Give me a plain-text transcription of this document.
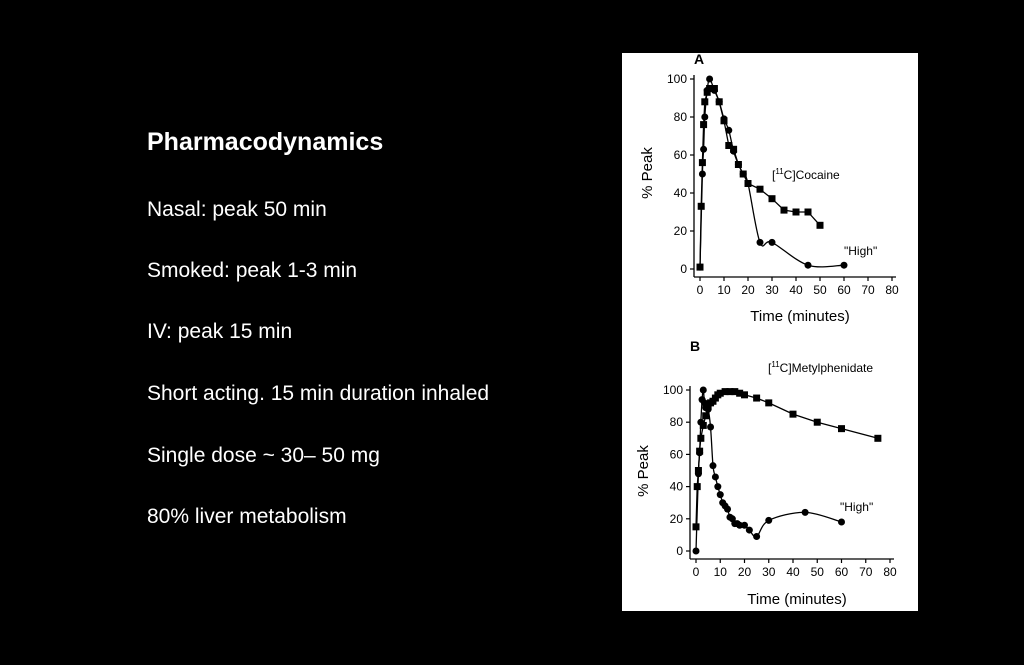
Pharmacodynamics
Nasal: peak 50 min
Smoked: peak 1-3 min
IV: peak 15 min
Short acting. 15 min duration inhaled
Single dose ~ 30– 50 mg
80% liver metabolism
A
0
20
40
60
80
100
0 10 20 30 40 50 60 70 80
Time (minutes)
% Peak	[$^{11}$C]Cocaine
"High"
B
0
20
40
60
80
100
0 10 20 30 40 50 60 70 80
Time (minutes)
% Peak
[$^{11}$C]Metylphenidate
"High"
